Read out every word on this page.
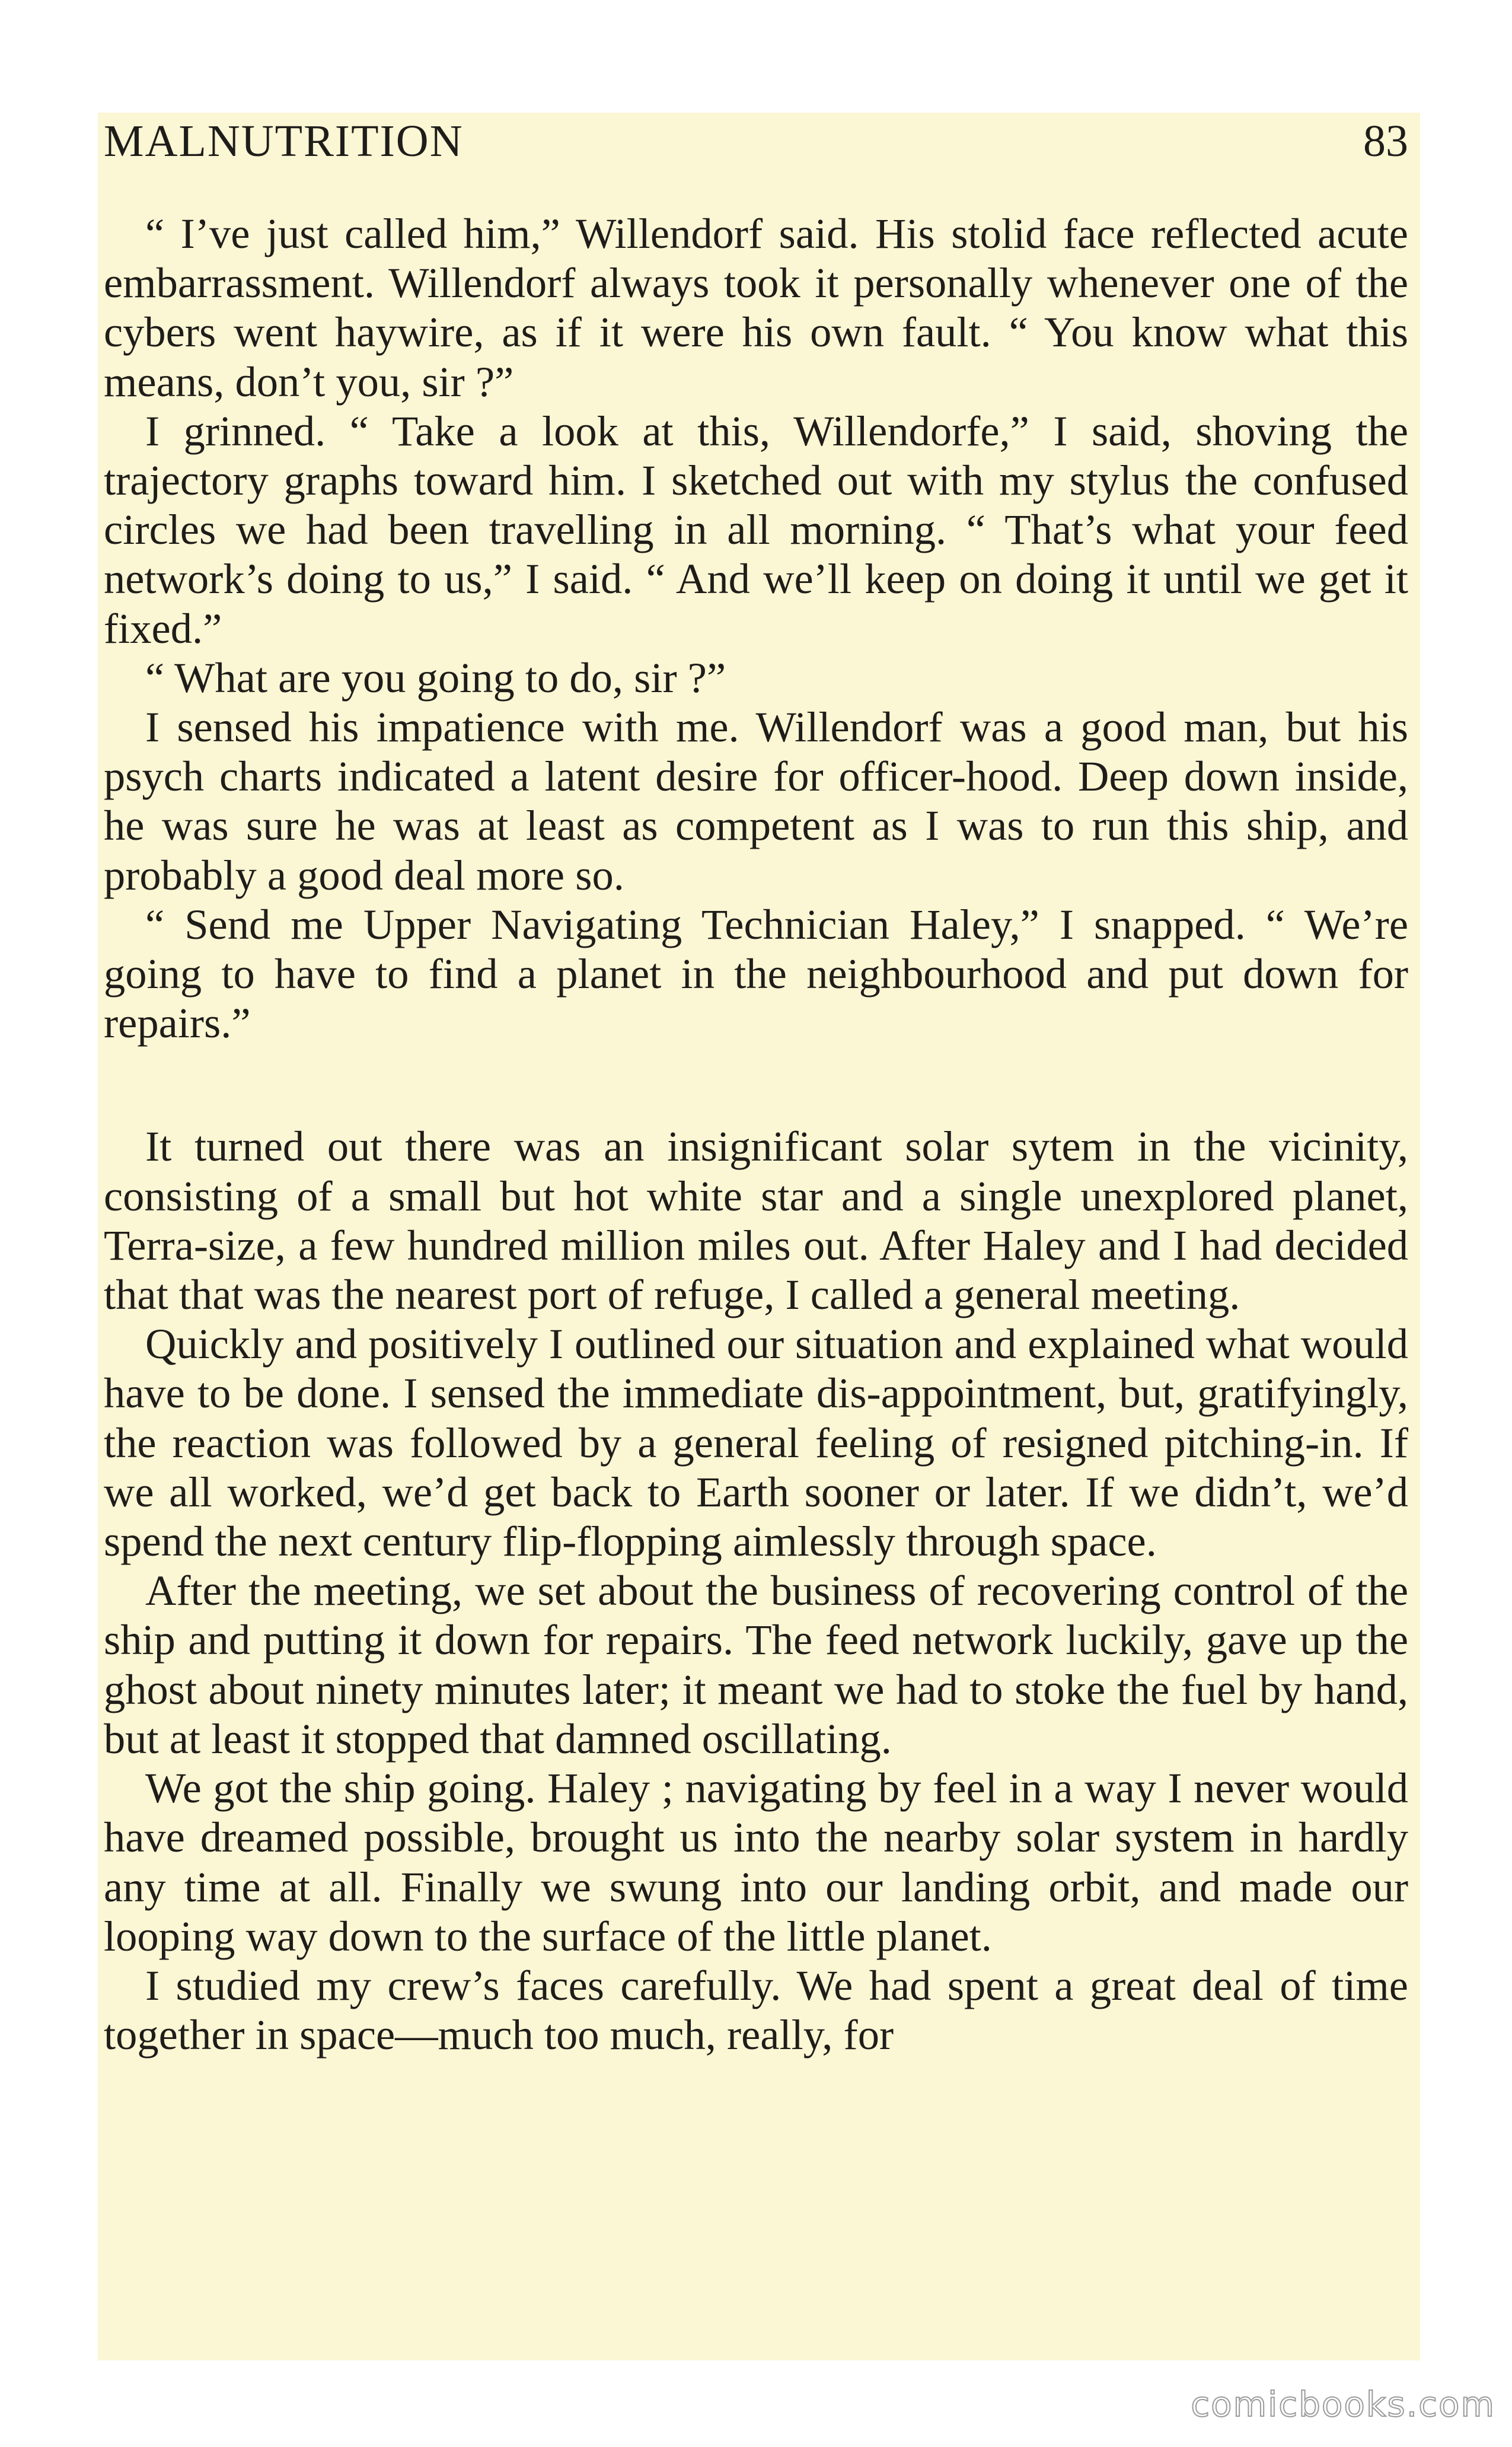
MALNUTRITION	83

“ I’ve just called him,” Willendorf said. His stolid face reflected acute embarrassment. Willendorf always took it personally whenever one of the cybers went haywire, as if it were his own fault. “ You know what this means, don’t you, sir ?”

I grinned. “ Take a look at this, Willendorfe,” I said, shoving the trajectory graphs toward him. I sketched out with my stylus the confused circles we had been travelling in all morning. “ That’s what your feed network’s doing to us,” I said. “ And we’ll keep on doing it until we get it fixed.”

“ What are you going to do, sir ?”

I sensed his impatience with me. Willendorf was a good man, but his psych charts indicated a latent desire for officer-hood. Deep down inside, he was sure he was at least as competent as I was to run this ship, and probably a good deal more so.

“ Send me Upper Navigating Technician Haley,” I snapped. “ We’re going to have to find a planet in the neighbourhood and put down for repairs.”

It turned out there was an insignificant solar sytem in the vicinity, consisting of a small but hot white star and a single unexplored planet, Terra-size, a few hundred million miles out. After Haley and I had decided that that was the nearest port of refuge, I called a general meeting.

Quickly and positively I outlined our situation and explained what would have to be done. I sensed the immediate dis-appointment, but, gratifyingly, the reaction was followed by a general feeling of resigned pitching-in. If we all worked, we’d get back to Earth sooner or later. If we didn’t, we’d spend the next century flip-flopping aimlessly through space.

After the meeting, we set about the business of recovering control of the ship and putting it down for repairs. The feed network luckily, gave up the ghost about ninety minutes later; it meant we had to stoke the fuel by hand, but at least it stopped that damned oscillating.

We got the ship going. Haley ; navigating by feel in a way I never would have dreamed possible, brought us into the nearby solar system in hardly any time at all. Finally we swung into our landing orbit, and made our looping way down to the surface of the little planet.

I studied my crew’s faces carefully. We had spent a great deal of time together in space—much too much, really, for

comicbooks.com
